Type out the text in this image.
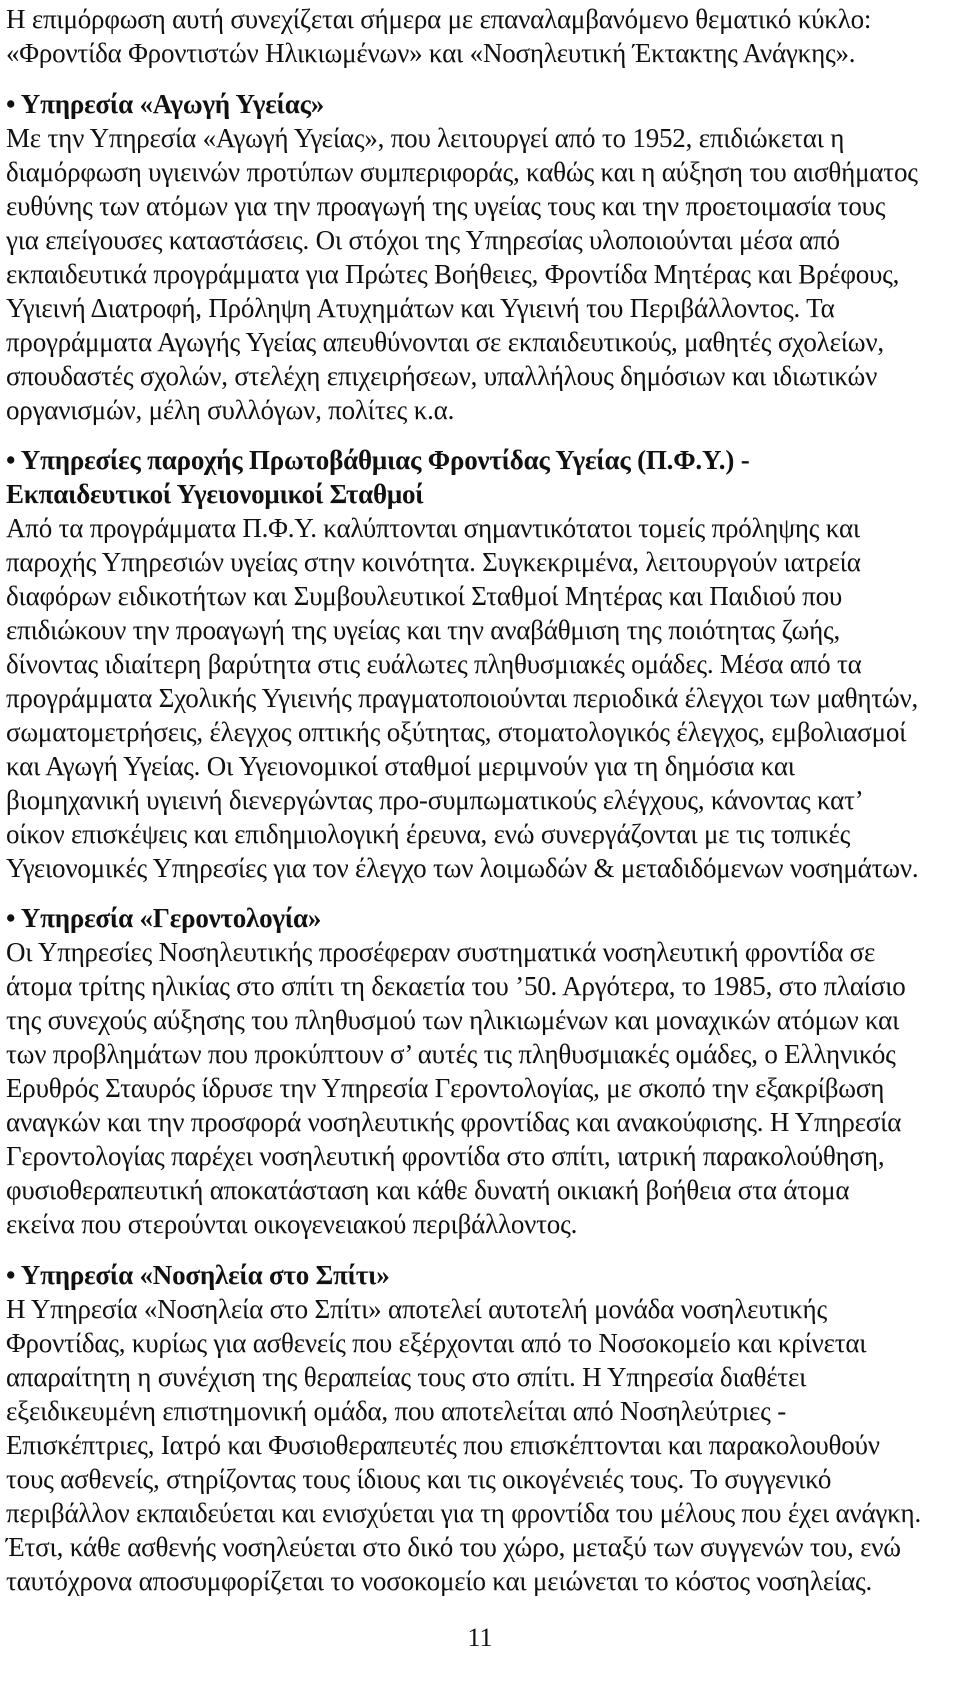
Η επιμόρφωση αυτή συνεχίζεται σήμερα με επαναλαμβανόμενο θεματικό κύκλο:
«Φροντίδα Φροντιστών Ηλικιωμένων» και «Νοσηλευτική Έκτακτης Ανάγκης».
• Υπηρεσία «Αγωγή Υγείας»
Με την Υπηρεσία «Αγωγή Υγείας», που λειτουργεί από το 1952, επιδιώκεται η
διαμόρφωση υγιεινών προτύπων συμπεριφοράς, καθώς και η αύξηση του αισθήματος
ευθύνης των ατόμων για την προαγωγή της υγείας τους και την προετοιμασία τους
για επείγουσες καταστάσεις. Οι στόχοι της Υπηρεσίας υλοποιούνται μέσα από
εκπαιδευτικά προγράμματα για Πρώτες Βοήθειες, Φροντίδα Μητέρας και Βρέφους,
Υγιεινή Διατροφή, Πρόληψη Ατυχημάτων και Υγιεινή του Περιβάλλοντος. Τα
προγράμματα Αγωγής Υγείας απευθύνονται σε εκπαιδευτικούς, μαθητές σχολείων,
σπουδαστές σχολών, στελέχη επιχειρήσεων, υπαλλήλους δημόσιων και ιδιωτικών
οργανισμών, μέλη συλλόγων, πολίτες κ.α.
• Υπηρεσίες παροχής Πρωτοβάθμιας Φροντίδας Υγείας (Π.Φ.Υ.) -
Εκπαιδευτικοί Υγειονομικοί Σταθμοί
Από τα προγράμματα Π.Φ.Υ. καλύπτονται σημαντικότατοι τομείς πρόληψης και
παροχής Υπηρεσιών υγείας στην κοινότητα. Συγκεκριμένα, λειτουργούν ιατρεία
διαφόρων ειδικοτήτων και Συμβουλευτικοί Σταθμοί Μητέρας και Παιδιού που
επιδιώκουν την προαγωγή της υγείας και την αναβάθμιση της ποιότητας ζωής,
δίνοντας ιδιαίτερη βαρύτητα στις ευάλωτες πληθυσμιακές ομάδες. Μέσα από τα
προγράμματα Σχολικής Υγιεινής πραγματοποιούνται περιοδικά έλεγχοι των μαθητών,
σωματομετρήσεις, έλεγχος οπτικής οξύτητας, στοματολογικός έλεγχος, εμβολιασμοί
και Αγωγή Υγείας. Οι Υγειονομικοί σταθμοί μεριμνούν για τη δημόσια και
βιομηχανική υγιεινή διενεργώντας προ-συμπωματικούς ελέγχους, κάνοντας κατ’
οίκον επισκέψεις και επιδημιολογική έρευνα, ενώ συνεργάζονται με τις τοπικές
Υγειονομικές Υπηρεσίες για τον έλεγχο των λοιμωδών & μεταδιδόμενων νοσημάτων.
• Υπηρεσία «Γεροντολογία»
Οι Υπηρεσίες Νοσηλευτικής προσέφεραν συστηματικά νοσηλευτική φροντίδα σε
άτομα τρίτης ηλικίας στο σπίτι τη δεκαετία του ’50. Αργότερα, το 1985, στο πλαίσιο
της συνεχούς αύξησης του πληθυσμού των ηλικιωμένων και μοναχικών ατόμων και
των προβλημάτων που προκύπτουν σ’ αυτές τις πληθυσμιακές ομάδες, ο Ελληνικός
Ερυθρός Σταυρός ίδρυσε την Υπηρεσία Γεροντολογίας, με σκοπό την εξακρίβωση
αναγκών και την προσφορά νοσηλευτικής φροντίδας και ανακούφισης. Η Υπηρεσία
Γεροντολογίας παρέχει νοσηλευτική φροντίδα στο σπίτι, ιατρική παρακολούθηση,
φυσιοθεραπευτική αποκατάσταση και κάθε δυνατή οικιακή βοήθεια στα άτομα
εκείνα που στερούνται οικογενειακού περιβάλλοντος.
• Υπηρεσία «Νοσηλεία στο Σπίτι»
Η Υπηρεσία «Νοσηλεία στο Σπίτι» αποτελεί αυτοτελή μονάδα νοσηλευτικής
Φροντίδας, κυρίως για ασθενείς που εξέρχονται από το Νοσοκομείο και κρίνεται
απαραίτητη η συνέχιση της θεραπείας τους στο σπίτι. Η Υπηρεσία διαθέτει
εξειδικευμένη επιστημονική ομάδα, που αποτελείται από Νοσηλεύτριες -
Επισκέπτριες, Ιατρό και Φυσιοθεραπευτές που επισκέπτονται και παρακολουθούν
τους ασθενείς, στηρίζοντας τους ίδιους και τις οικογένειές τους. Το συγγενικό
περιβάλλον εκπαιδεύεται και ενισχύεται για τη φροντίδα του μέλους που έχει ανάγκη.
Έτσι, κάθε ασθενής νοσηλεύεται στο δικό του χώρο, μεταξύ των συγγενών του, ενώ
ταυτόχρονα αποσυμφορίζεται το νοσοκομείο και μειώνεται το κόστος νοσηλείας.
11
